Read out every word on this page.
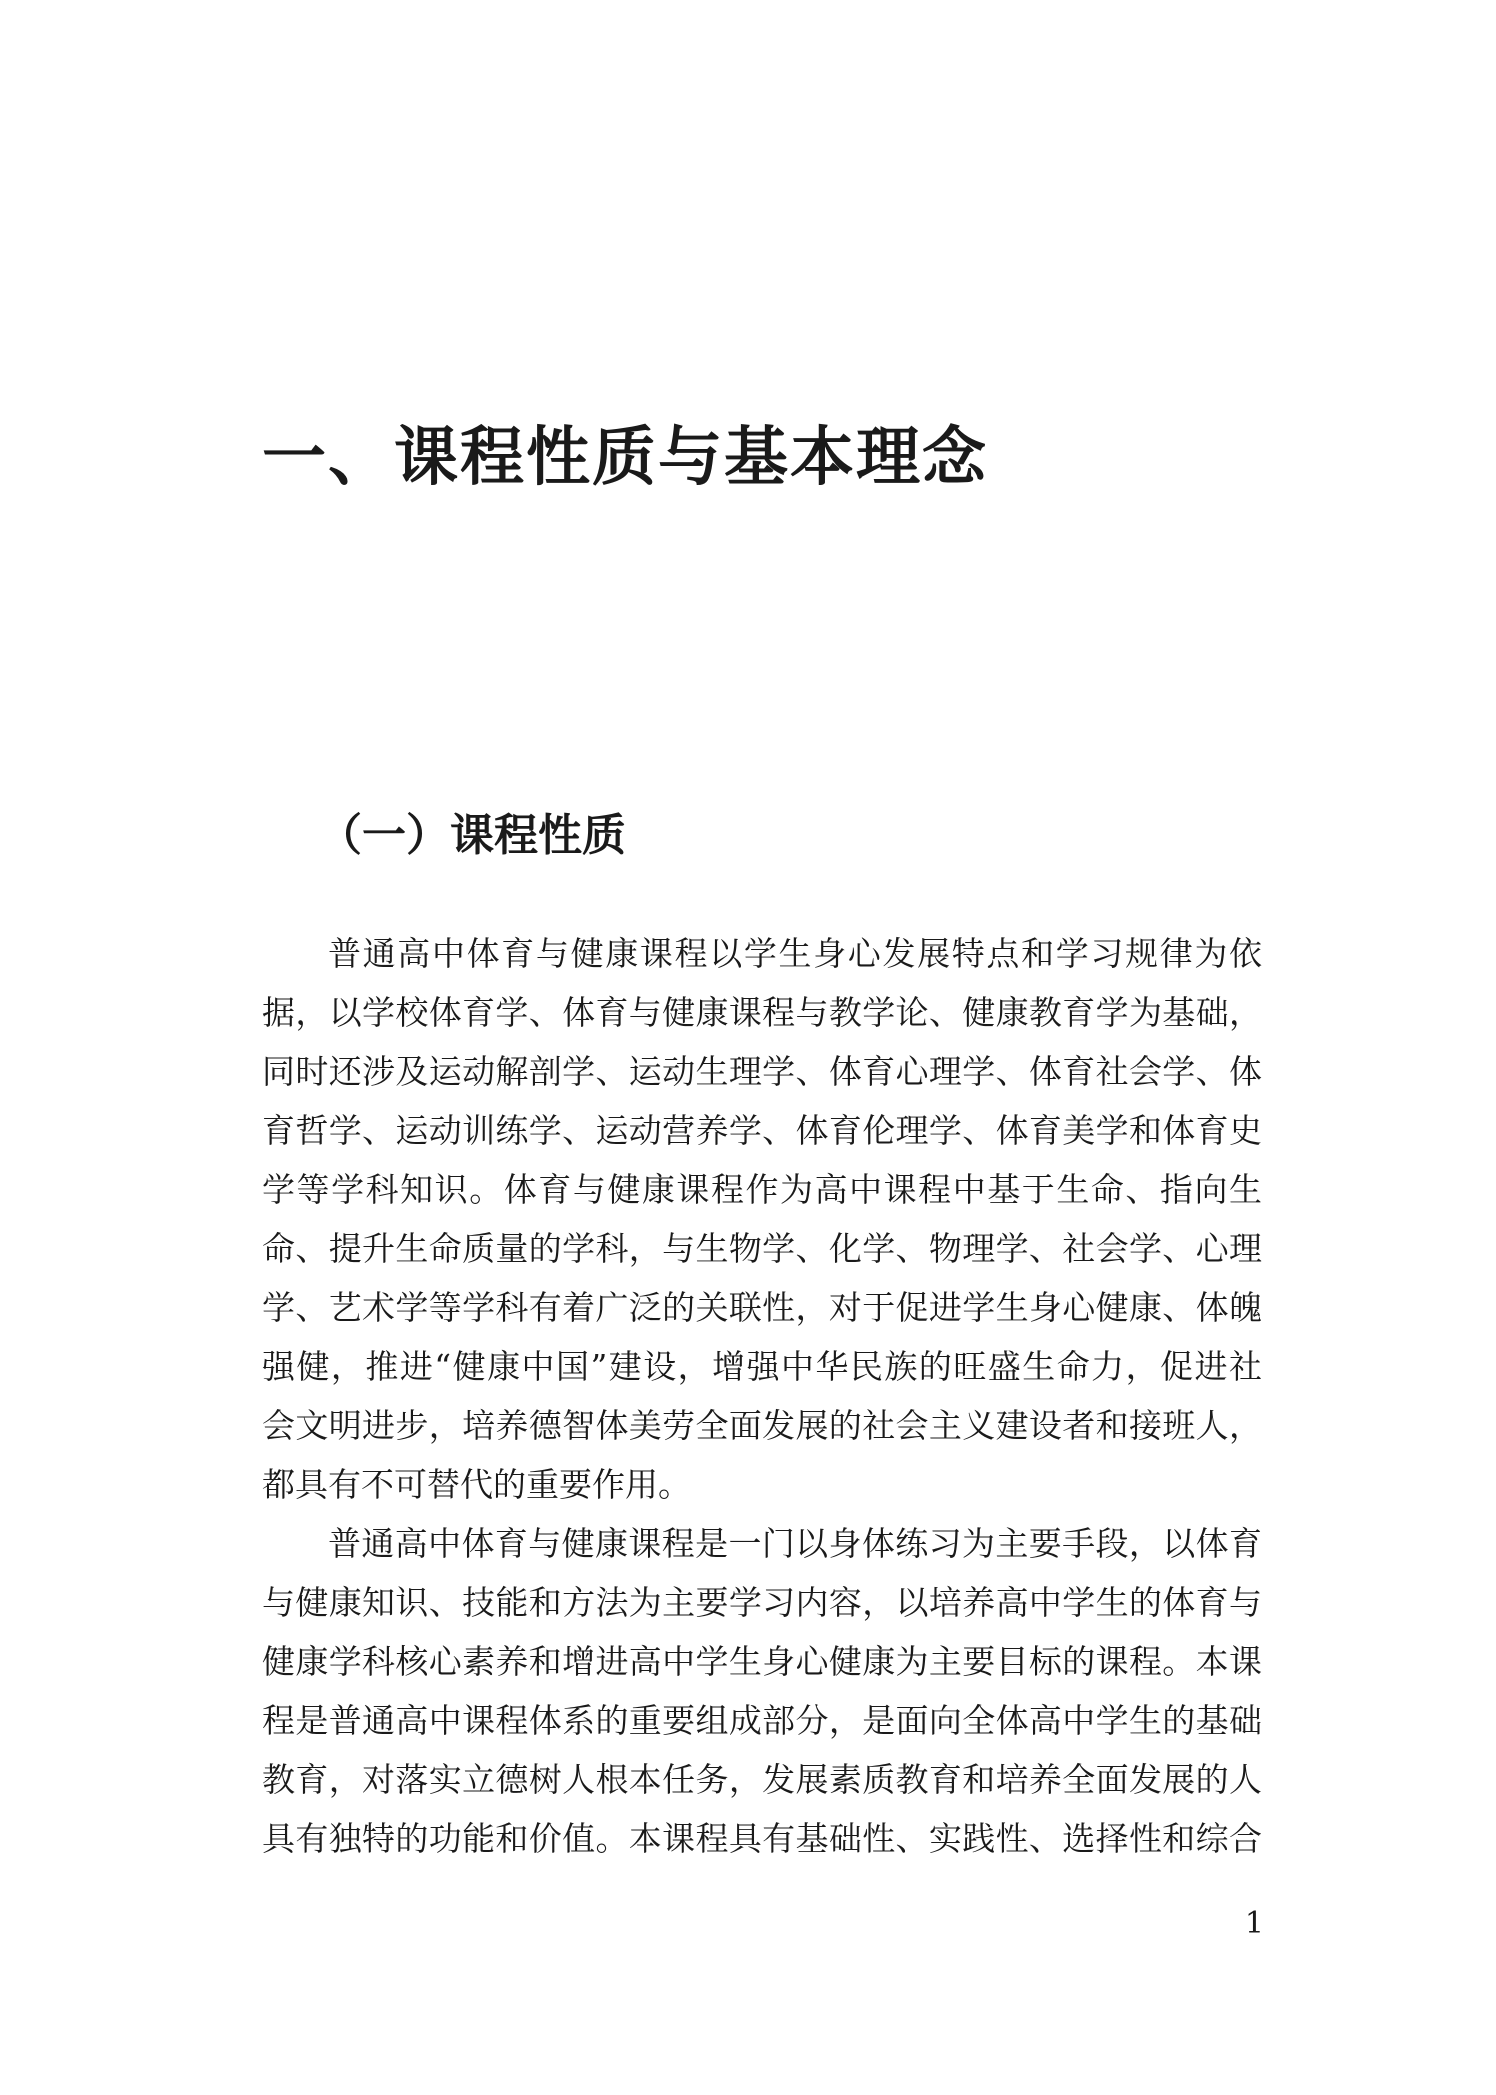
一、课程性质与基本理念
（一）课程性质
普通高中体育与健康课程以学生身心发展特点和学习规律为依
据，以学校体育学、体育与健康课程与教学论、健康教育学为基础，
同时还涉及运动解剖学、运动生理学、体育心理学、体育社会学、体
育哲学、运动训练学、运动营养学、体育伦理学、体育美学和体育史
学等学科知识。体育与健康课程作为高中课程中基于生命、指向生
命、提升生命质量的学科，与生物学、化学、物理学、社会学、心理
学、艺术学等学科有着广泛的关联性，对于促进学生身心健康、体魄
强健，推进“健康中国”建设，增强中华民族的旺盛生命力，促进社
会文明进步，培养德智体美劳全面发展的社会主义建设者和接班人，
都具有不可替代的重要作用。
普通高中体育与健康课程是一门以身体练习为主要手段，以体育
与健康知识、技能和方法为主要学习内容，以培养高中学生的体育与
健康学科核心素养和增进高中学生身心健康为主要目标的课程。本课
程是普通高中课程体系的重要组成部分，是面向全体高中学生的基础
教育，对落实立德树人根本任务，发展素质教育和培养全面发展的人
具有独特的功能和价值。本课程具有基础性、实践性、选择性和综合
1
